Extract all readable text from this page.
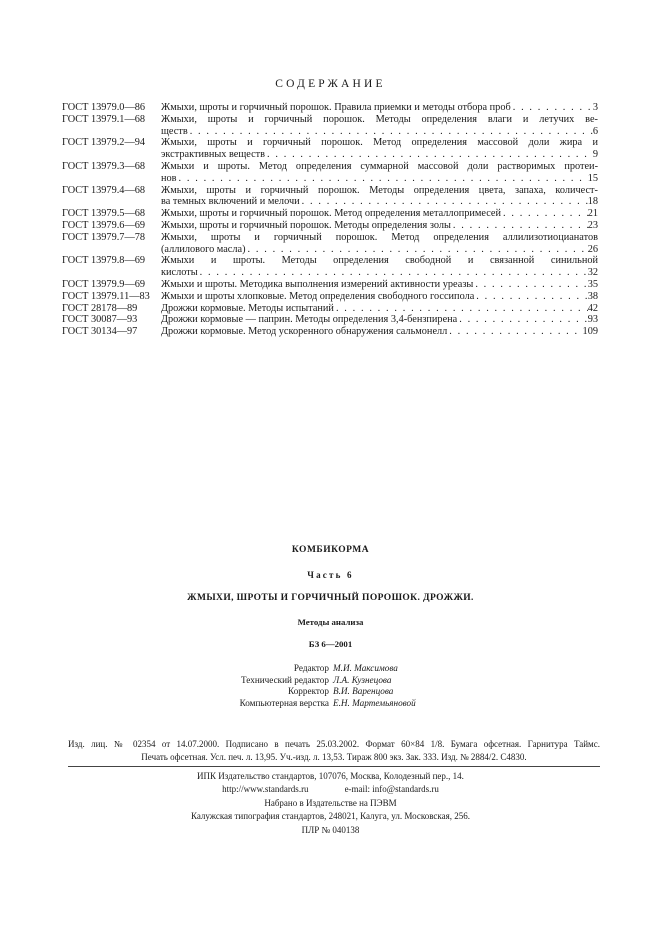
СОДЕРЖАНИЕ
ГОСТ 13979.0—86	Жмыхи, шроты и горчичный порошок. Правила приемки и методы отбора проб . . .	3
ГОСТ 13979.1—68	Жмыхи, шроты и горчичный порошок. Методы определения влаги и летучих ве-
ществ . . .	6
ГОСТ 13979.2—94	Жмыхи, шроты и горчичный порошок. Метод определения массовой доли жира и
экстрактивных веществ . . .	9
ГОСТ 13979.3—68	Жмыхи и шроты. Метод определения суммарной массовой доли растворимых протеи-
нов . . .	15
ГОСТ 13979.4—68	Жмыхи, шроты и горчичный порошок. Методы определения цвета, запаха, количест-
ва темных включений и мелочи . . .	18
ГОСТ 13979.5—68	Жмыхи, шроты и горчичный порошок. Метод определения металлопримесей . . .	21
ГОСТ 13979.6—69	Жмыхи, шроты и горчичный порошок. Методы определения золы . . .	23
ГОСТ 13979.7—78	Жмыхи, шроты и горчичный порошок. Метод определения аллилизотиоцианатов
(аллилового масла) . . .	26
ГОСТ 13979.8—69	Жмыхи и шроты. Методы определения свободной и связанной синильной
кислоты . . .	32
ГОСТ 13979.9—69	Жмыхи и шроты. Методика выполнения измерений активности уреазы . . .	35
ГОСТ 13979.11—83	Жмыхи и шроты хлопковые. Метод определения свободного госсипола . . .	38
ГОСТ 28178—89	Дрожжи кормовые. Методы испытаний . . .	42
ГОСТ 30087—93	Дрожжи кормовые — паприн. Методы определения 3,4-бензпирена . . .	93
ГОСТ 30134—97	Дрожжи кормовые. Метод ускоренного обнаружения сальмонелл . . .	109
КОМБИКОРМА
Часть 6
ЖМЫХИ, ШРОТЫ И ГОРЧИЧНЫЙ ПОРОШОК. ДРОЖЖИ.
Методы анализа
БЗ 6—2001
Редактор М.И. Максимова
Технический редактор Л.А. Кузнецова
Корректор В.И. Варенцова
Компьютерная верстка Е.Н. Мартемьяновой
Изд. лиц. № 02354 от 14.07.2000. Подписано в печать 25.03.2002. Формат 60×84 1/8. Бумага офсетная. Гарнитура Таймс.
Печать офсетная. Усл. печ. л. 13,95. Уч.-изд. л. 13,53. Тираж 800 экз. Зак. 333. Изд. № 2884/2. С4830.
ИПК Издательство стандартов, 107076, Москва, Колодезный пер., 14.
http://www.standards.ru	e-mail: info@standards.ru
Набрано в Издательстве на ПЭВМ
Калужская типография стандартов, 248021, Калуга, ул. Московская, 256.
ПЛР № 040138
